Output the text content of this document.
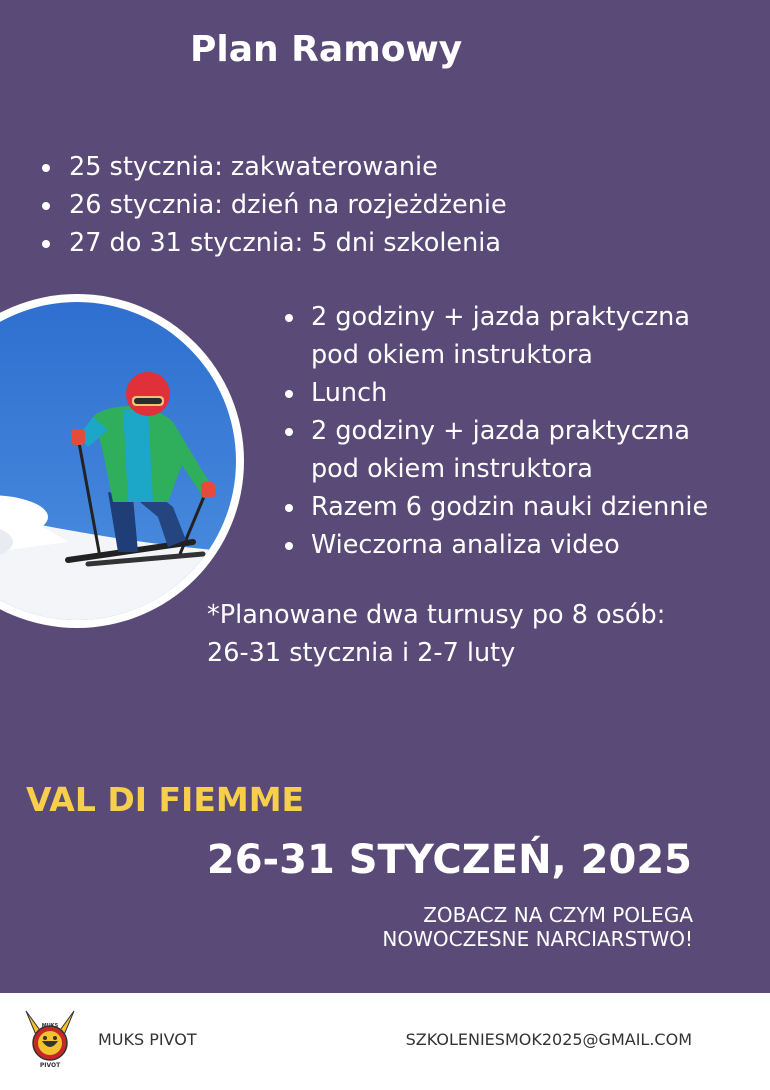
Plan Ramowy
25 stycznia: zakwaterowanie
26 stycznia: dzień na rozjeżdżenie
27 do 31 stycznia: 5 dni szkolenia
2 godziny + jazda praktyczna
pod okiem instruktora
Lunch
2 godziny + jazda praktyczna
pod okiem instruktora
Razem 6 godzin nauki dziennie
Wieczorna analiza video
*Planowane dwa turnusy po 8 osób:
26-31 stycznia i 2-7 luty
VAL DI FIEMME
26-31 STYCZEŃ, 2025
ZOBACZ NA CZYM POLEGA
NOWOCZESNE NARCIARSTWO!
MUKS
PIVOT
MUKS PIVOT	SZKOLENIESMOK2025@GMAIL.COM
